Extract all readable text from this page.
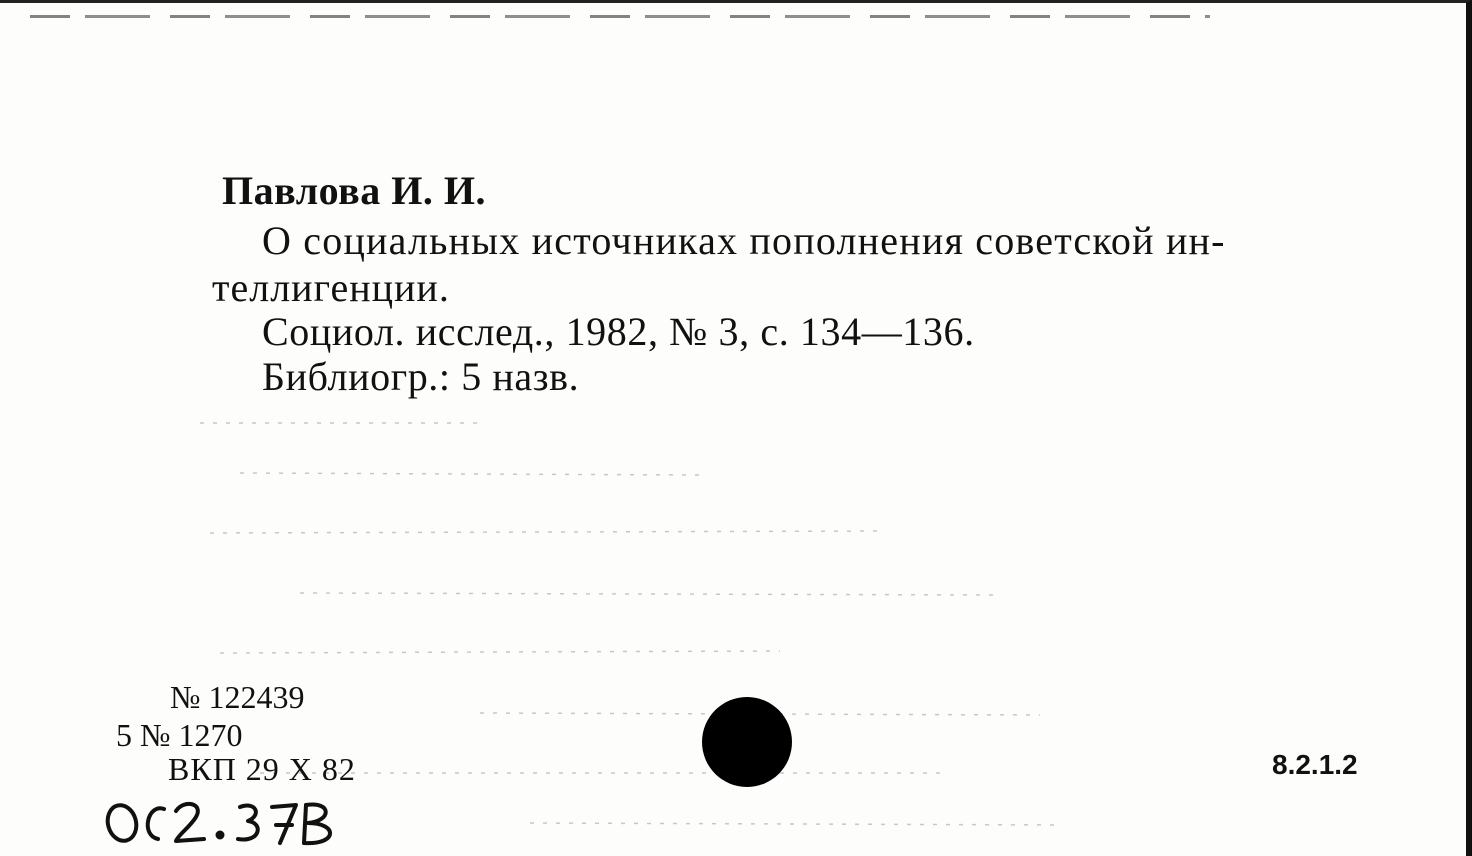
Павлова И. И.
О социальных источниках пополнения советской ин-
теллигенции.
Социол. исслед., 1982, № 3, с. 134—136.
Библиогр.: 5 назв.
№ 122439
5 № 1270
ВКП 29 X 82	8.2.1.2
